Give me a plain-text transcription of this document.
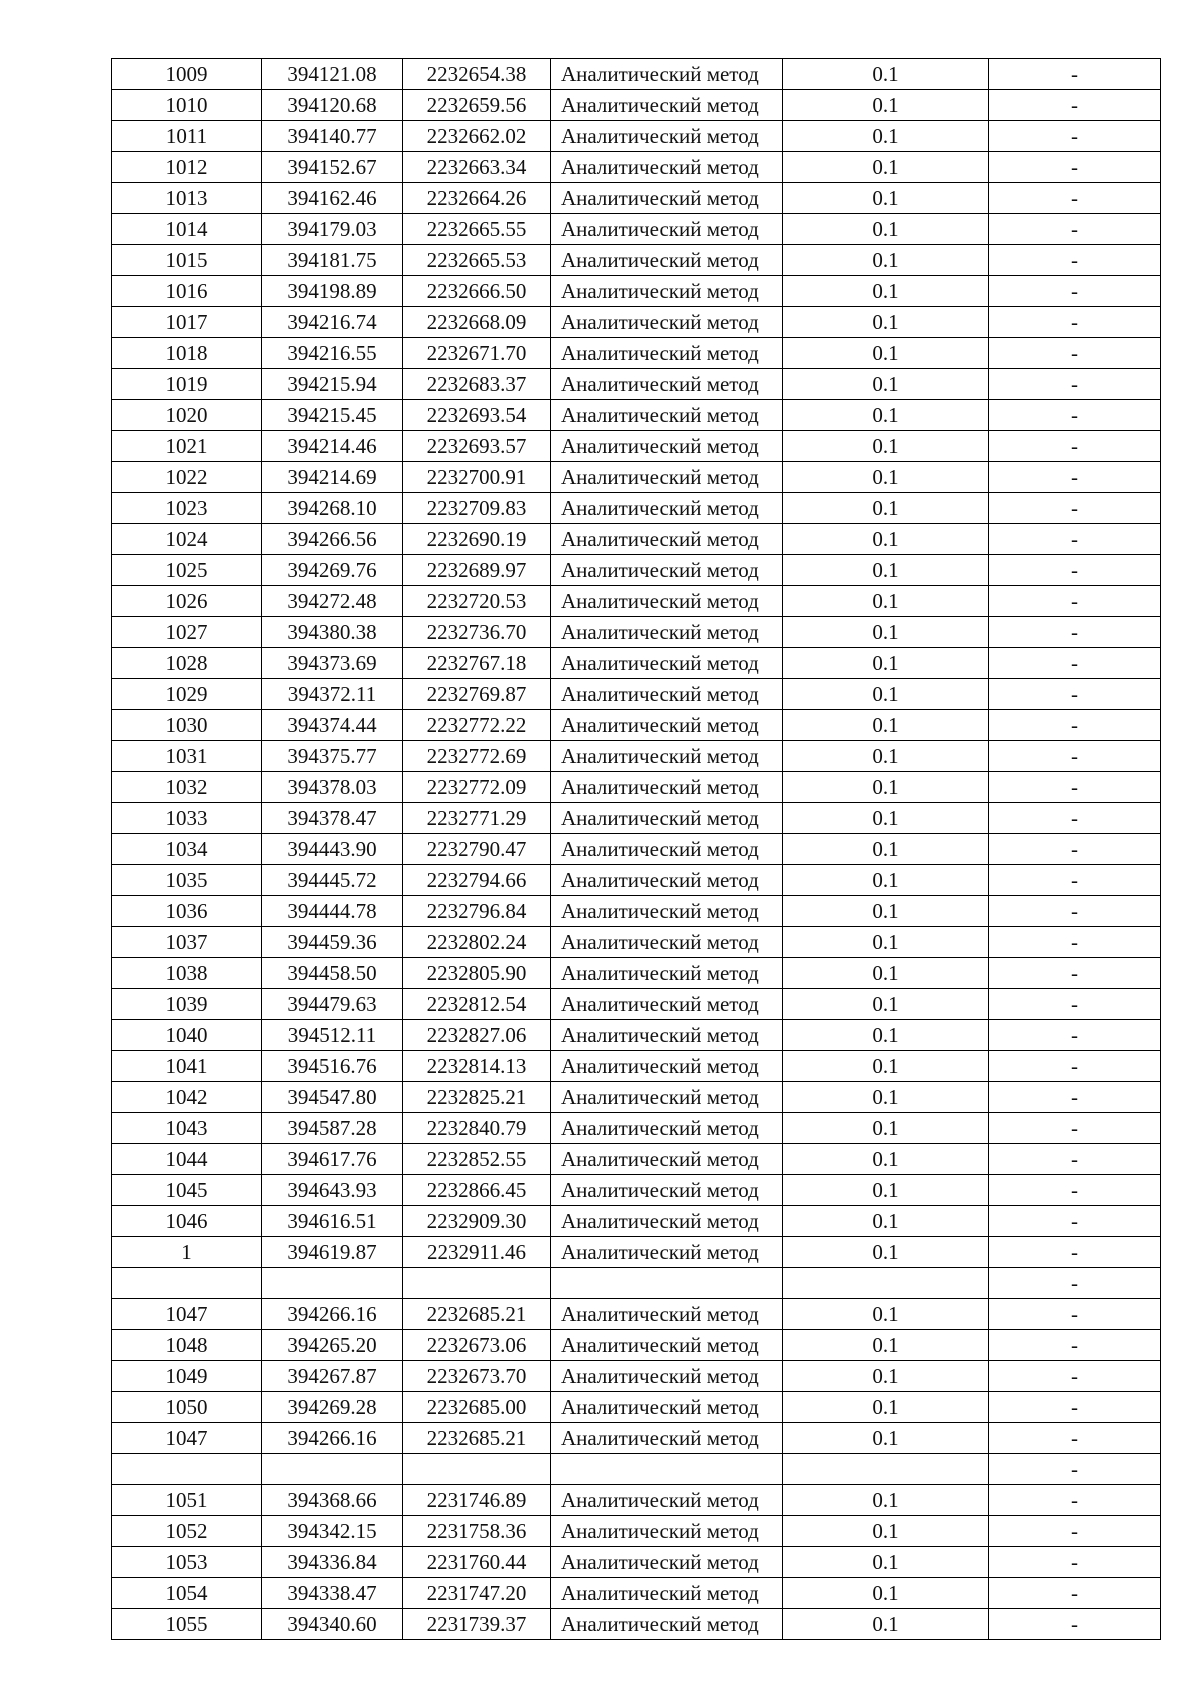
1009	394121.08	2232654.38	Аналитический метод	0.1	-
1010	394120.68	2232659.56	Аналитический метод	0.1	-
1011	394140.77	2232662.02	Аналитический метод	0.1	-
1012	394152.67	2232663.34	Аналитический метод	0.1	-
1013	394162.46	2232664.26	Аналитический метод	0.1	-
1014	394179.03	2232665.55	Аналитический метод	0.1	-
1015	394181.75	2232665.53	Аналитический метод	0.1	-
1016	394198.89	2232666.50	Аналитический метод	0.1	-
1017	394216.74	2232668.09	Аналитический метод	0.1	-
1018	394216.55	2232671.70	Аналитический метод	0.1	-
1019	394215.94	2232683.37	Аналитический метод	0.1	-
1020	394215.45	2232693.54	Аналитический метод	0.1	-
1021	394214.46	2232693.57	Аналитический метод	0.1	-
1022	394214.69	2232700.91	Аналитический метод	0.1	-
1023	394268.10	2232709.83	Аналитический метод	0.1	-
1024	394266.56	2232690.19	Аналитический метод	0.1	-
1025	394269.76	2232689.97	Аналитический метод	0.1	-
1026	394272.48	2232720.53	Аналитический метод	0.1	-
1027	394380.38	2232736.70	Аналитический метод	0.1	-
1028	394373.69	2232767.18	Аналитический метод	0.1	-
1029	394372.11	2232769.87	Аналитический метод	0.1	-
1030	394374.44	2232772.22	Аналитический метод	0.1	-
1031	394375.77	2232772.69	Аналитический метод	0.1	-
1032	394378.03	2232772.09	Аналитический метод	0.1	-
1033	394378.47	2232771.29	Аналитический метод	0.1	-
1034	394443.90	2232790.47	Аналитический метод	0.1	-
1035	394445.72	2232794.66	Аналитический метод	0.1	-
1036	394444.78	2232796.84	Аналитический метод	0.1	-
1037	394459.36	2232802.24	Аналитический метод	0.1	-
1038	394458.50	2232805.90	Аналитический метод	0.1	-
1039	394479.63	2232812.54	Аналитический метод	0.1	-
1040	394512.11	2232827.06	Аналитический метод	0.1	-
1041	394516.76	2232814.13	Аналитический метод	0.1	-
1042	394547.80	2232825.21	Аналитический метод	0.1	-
1043	394587.28	2232840.79	Аналитический метод	0.1	-
1044	394617.76	2232852.55	Аналитический метод	0.1	-
1045	394643.93	2232866.45	Аналитический метод	0.1	-
1046	394616.51	2232909.30	Аналитический метод	0.1	-
1	394619.87	2232911.46	Аналитический метод	0.1	-
					-
1047	394266.16	2232685.21	Аналитический метод	0.1	-
1048	394265.20	2232673.06	Аналитический метод	0.1	-
1049	394267.87	2232673.70	Аналитический метод	0.1	-
1050	394269.28	2232685.00	Аналитический метод	0.1	-
1047	394266.16	2232685.21	Аналитический метод	0.1	-
					-
1051	394368.66	2231746.89	Аналитический метод	0.1	-
1052	394342.15	2231758.36	Аналитический метод	0.1	-
1053	394336.84	2231760.44	Аналитический метод	0.1	-
1054	394338.47	2231747.20	Аналитический метод	0.1	-
1055	394340.60	2231739.37	Аналитический метод	0.1	-
